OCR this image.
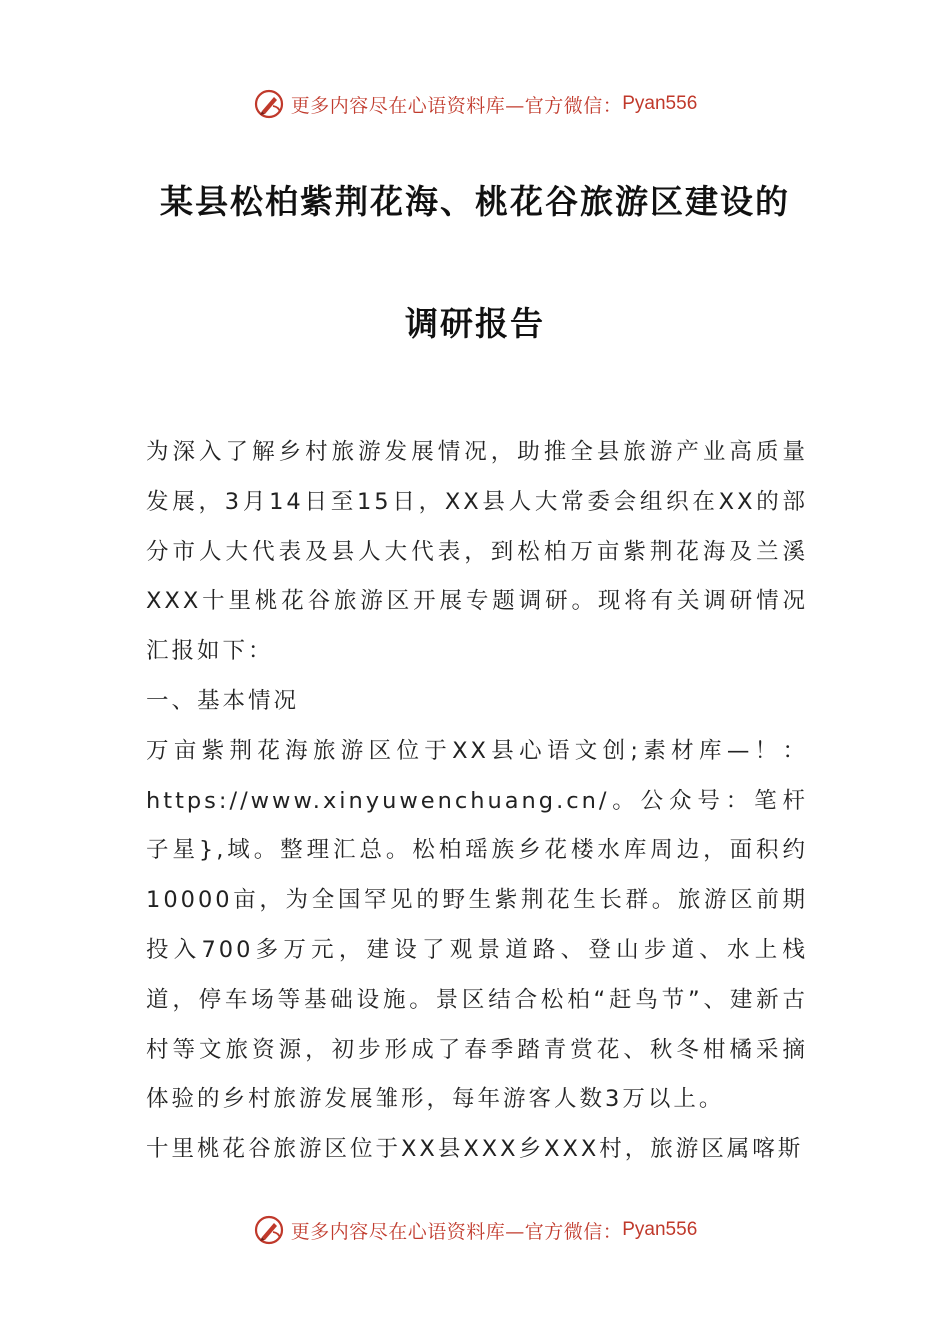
更多内容尽在心语资料库—官方微信： Pyan556
某县松柏紫荆花海、桃花谷旅游区建设的
调研报告

为深入了解乡村旅游发展情况，助推全县旅游产业高质量发展，3月14日至15日，XX县人大常委会组织在XX的部分市人大代表及县人大代表，到松柏万亩紫荆花海及兰溪XXX十里桃花谷旅游区开展专题调研。现将有关调研情况汇报如下：

一、基本情况

万亩紫荆花海旅游区位于XX县心语文创;素材库—！：https://www.xinyuwenchuang.cn/。公众号：笔杆子星},域。整理汇总。松柏瑶族乡花楼水库周边，面积约10000亩，为全国罕见的野生紫荆花生长群。旅游区前期投入700多万元，建设了观景道路、登山步道、水上栈道，停车场等基础设施。景区结合松柏“赶鸟节”、建新古村等文旅资源，初步形成了春季踏青赏花、秋冬柑橘采摘体验的乡村旅游发展雏形，每年游客人数3万以上。

十里桃花谷旅游区位于XX县XXX乡XXX村，旅游区属喀斯

更多内容尽在心语资料库—官方微信： Pyan556
